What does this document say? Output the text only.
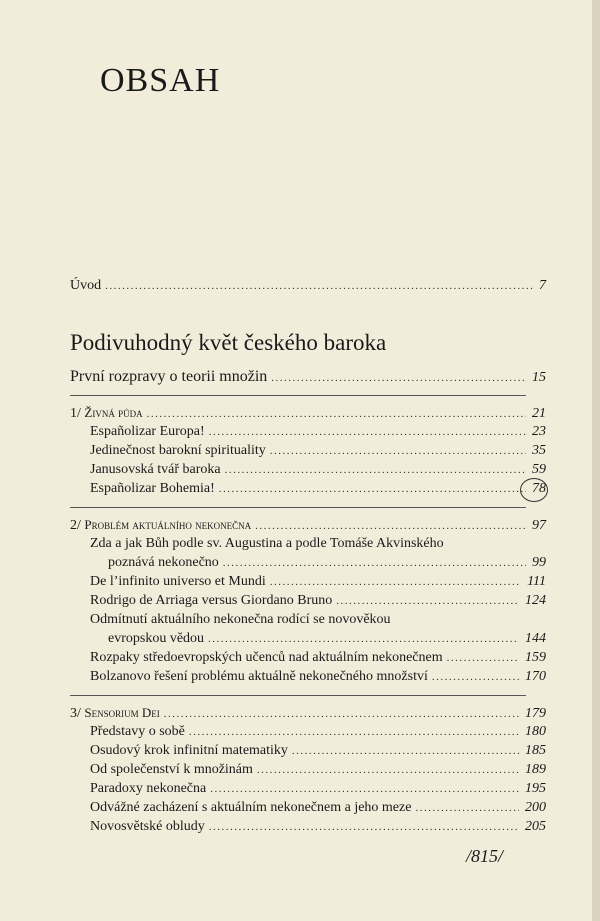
OBSAH
Úvod .....	7
Podivuhodný květ českého baroka
První rozpravy o teorii množin .....	15
1/ Živná půda .....	21
Españolizar Europa! .....	23
Jedinečnost barokní spirituality .....	35
Janusovská tvář baroka .....	59
Españolizar Bohemia! .....	78
2/ Problém aktuálního nekonečna .....	97
Zda a jak Bůh podle sv. Augustina a podle Tomáše Akvinského
poznává nekonečno .....	99
De l’infinito universo et Mundi .....	111
Rodrigo de Arriaga versus Giordano Bruno .....	124
Odmítnutí aktuálního nekonečna rodící se novověkou
evropskou vědou .....	144
Rozpaky středoevropských učenců nad aktuálním nekonečnem .....	159
Bolzanovo řešení problému aktuálně nekonečného množství .....	170
3/ Sensorium Dei .....	179
Představy o sobě .....	180
Osudový krok infinitní matematiky .....	185
Od společenství k množinám .....	189
Paradoxy nekonečna .....	195
Odvážné zacházení s aktuálním nekonečnem a jeho meze .....	200
Novosvětské obludy .....	205
/815/
